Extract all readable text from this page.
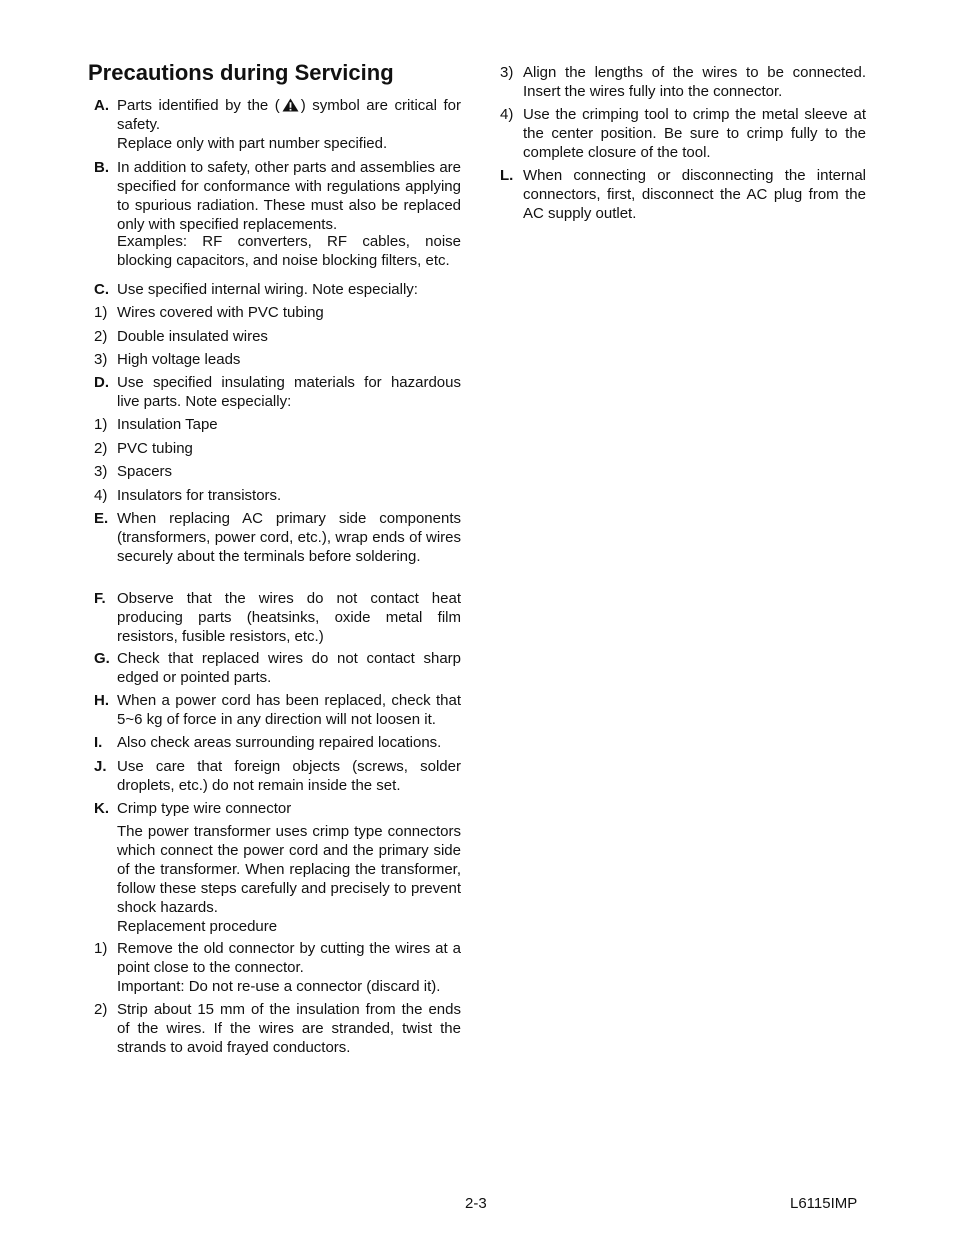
Precautions during Servicing
A. Parts identified by the ( ) symbol are critical for safety.
Replace only with part number specified.
B. In addition to safety, other parts and assemblies are specified for conformance with regulations applying to spurious radiation. These must also be replaced only with specified replacements.
Examples: RF converters, RF cables, noise blocking capacitors, and noise blocking filters, etc.
C. Use specified internal wiring. Note especially:
1) Wires covered with PVC tubing
2) Double insulated wires
3) High voltage leads
D. Use specified insulating materials for hazardous live parts. Note especially:
1) Insulation Tape
2) PVC tubing
3) Spacers
4) Insulators for transistors.
E. When replacing AC primary side components (transformers, power cord, etc.), wrap ends of wires securely about the terminals before soldering.
F. Observe that the wires do not contact heat producing parts (heatsinks, oxide metal film resistors, fusible resistors, etc.)
G. Check that replaced wires do not contact sharp edged or pointed parts.
H. When a power cord has been replaced, check that 5~6 kg of force in any direction will not loosen it.
I. Also check areas surrounding repaired locations.
J. Use care that foreign objects (screws, solder droplets, etc.) do not remain inside the set.
K. Crimp type wire connector
The power transformer uses crimp type connectors which connect the power cord and the primary side of the transformer. When replacing the transformer, follow these steps carefully and precisely to prevent shock hazards.
Replacement procedure
1) Remove the old connector by cutting the wires at a point close to the connector.
Important: Do not re-use a connector (discard it).
2) Strip about 15 mm of the insulation from the ends of the wires. If the wires are stranded, twist the strands to avoid frayed conductors.
3) Align the lengths of the wires to be connected. Insert the wires fully into the connector.
4) Use the crimping tool to crimp the metal sleeve at the center position. Be sure to crimp fully to the complete closure of the tool.
L. When connecting or disconnecting the internal connectors, first, disconnect the AC plug from the AC supply outlet.
2-3	L6115IMP
